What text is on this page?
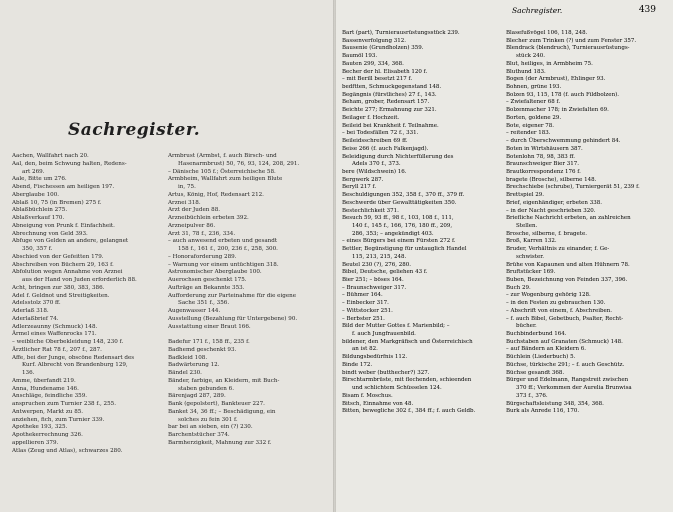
Sachregister.
Aachen, Wallfahrt nach 20.
Aal, den, beim Schwung halten, Redens-
art 269.
Aale, Bitte um 276.
Abend, Fischessen am heiligen 197.
Aberglaube 100.
Ablaß 10, 75 (in Bremen) 275 f.
Ablaßbüchlein 275.
Ablaßverkauf 170.
Abneigung von Prunk f. Einfachheit.
Abrechnung von Geld 393.
Abfuge von Gelden an andere, gelangnet
350, 357 f.
Abschied von der Gefeitten 179.
Abschreiben von Büchern 29, 163 f.
Abfolution wegen Annahme von Arznei
aus der Hand von Juden erforderlich 88.
Acht, bringen zur 380, 383, 386.
Adel f. Geldnot und Streitigkeiten.
Adelsstolz 370 ff.
Aderlaß 318.
Aderlaßbrief 74.
Adlerzeaunny (Schmuck) 148.
Ärmel eines Waffenrocks 171.
– weibliche Oberbekleidung 148, 230 f.
Ärztlicher Rat 78 f., 207 f., 287.
Affe, bei der Junge, obscöne Redensart des
Kurf. Albrecht von Brandenburg 129,
136.
Amme, überfandt 219.
Anna, Hundename 146.
Anschläge, feindliche 359.
anspruchen zum Turnier 238 f., 255.
Antwerpen, Markt zu 85.
anziehen, fich, zum Turnier 339.
Apotheke 193, 325.
Apothekerrechnung 326.
appellieren 379.
Atlas (Zeug und Atlas), schwarzes 280.
Armbrust (Armbst, f. auch Birsch- und
Hasenarmbrust) 50, 76, 93, 124, 208, 291.
– Dänische 105 f.; Österreichische 58.
Armbheim, Wallfahrt zum heiligen Blute
in, 75.
Artus, König, Hof, Redensart 212.
Arznei 318.
Arzt der Juden 88.
Arzneibüchlein erbeten 392.
Arzneipulver 86.
Arzt 31, 78 f., 236, 334.
– auch anwesend erbeten und gesandt
158 f., 161 f., 200, 236 f., 258, 300.
– Honoraforderung 289.
– Warnung vor einem untüchtigen 318.
Astronomischer Aberglaube 100.
Auerochsen geschenkt 175.
Aufträge an Bekannte 353.
Aufforderung zur Parteinahme für die eigene
Sache 351 f., 356.
Augenwasser 144.
Ausstellung (Bezahlung für Untergebene) 90.
Ausstattung einer Braut 166.

Badefur 171 f., 158 ff., 235 f.
Badhemd geschenkt 93.
Badkleid 108.
Badwärterung 12.
Bändel 230.
Bänder, farbige, an Kleidern, mit Buch-
staben gebunden 6.
Bärenjagd 287, 289.
Bank (gepolstert), Bankteuer 227.
Banket 34, 36 ff.; – Beschädigung, ein
solches zu fein 301 f.
bar bei an sieben, ein (?) 230.
Barchentstücher 374.
Barmherzigkeit, Mahnung zur 332 f.
Sachregister.	439
Bart (part), Turnierausrüstungsstück 239.
Bassenverfolgung 312.
Bausenie (Grundholzen) 359.
Baumöl 193.
Bauten 299, 334, 368.
Becher der hl. Elisabeth 120 f.
– mit Berill besetzt 217 f.
bedftten, Schmuckgegenstand 148.
Begängnis (fürstliches) 27 f., 143.
Beham, grober, Redensart 157.
Beichte 277; Ermahnung zur 321.
Beilager f. Hochzeit.
Beileid bei Krankheit f. Teilnahme.
– bei Todesfällen 72 f., 331.
Beileidsschreiben 69 ff.
Beise 266 (f. auch Falkenjagd).
Beleidigung durch Nichterfüllerung des
Adels 370 f., 373.
bere (Wildschwein) 16.
Bergwerk 287.
Beryll 217 f.
Beschuldigungen 352, 358 f., 370 ff., 379 ff.
Beschwerde über Gewalttätigkeiten 350.
Bestechlichkeit 371.
Besuch 59, 93 ff., 98 f., 103, 108 f., 111,
140 f., 145 f., 166, 176, 180 ff., 209,
286, 353; – angekündigt 403.
– eines Bürgers bei einem Fürsten 272 f.
Bettler, Begünstigung für untauglich Handel
115, 213, 215, 248.
Beutel 230 (?), 276, 280.
Bibel, Deutsche, geliehen 43 f.
Bier 251; – böses 164.
– Braunschweiger 317.
– Bühmer 164.
– Einbecker 317.
– Wittstocker 251.
– Berbster 251.
Bild der Mutter Gottes f. Marienbild; –
f. auch Jungfrauenbild.
bildener, den Markgräfisch und Österreichisch
an ist 82.
Bildungsbedürfnis 112.
Binde 172.
bindt weber (butthecher?) 327.
Birschtarmbrüste, mit flechenden, schieenden
und schlichtem Schüsselen 124.
Bisam f. Moschus.
Bitsch, Einnahme von 48.
Bitten, bewegliche 302 f., 384 ff.; f. auch Geldb.
Blasefußvögel 106, 118, 248.
Blecher zum Trinken (?) und zum Fenster 357.
Blendrack (blendruch), Turnierausrüstungs-
stück 240.
Blut, heiliges, in Armbheim 75.
Bluthund 183.
Bogen (der Armbrust), Ehlinger 93.
Bohnen, grüne 193.
Bolzen 93, 115, 178 (f. auch Fildbolzen).
– Zwiefaltener 68 f.
Bolzenmacher 178; in Zwiefalten 69.
Borten, goldene 29.
Bote, eigener 78.
– reitender 183.
– durch Überschwemmung gehindert 84.
Boten in Wirtshäusern 387.
Botenlohn 78, 98, 383 ff.
Braunschweiger Bier 317.
Brautkorrespondenz 176 f.
bragete (Brosche), silberne 148.
Brechschiebe (schrube), Turniergerät 51, 239 f.
Brettspiel 29.
Brief, eigenhändiger, erbeten 338.
– in der Nacht geschrieben 320.
Briefliche Nachricht erbeten, an zahlreichen
Stellen.
Brosche, silberne, f. bragete.
Broß, Karren 132.
Bruder, Verhältnis zu einander, f. Ge-
schwister.
Brühe von Kapaunen und alten Hühnern 78.
Bruftstücker 169.
Buben, Bezeichnung von Feinden 337, 396.
Buch 29.
– zur Wogenburg gehörig 128.
– in den Festen zu gebrauchen 130.
– Abschrift von einem, f. Abschreiben.
– f. auch Bibel, Gebetbuch, Psalter, Recht-
bücher.
Buchbinderbund 164.
Buchstaben auf Granaten (Schmuck) 148.
– auf Bändern an Kleidern 6.
Büchlein (Liederbuch) 5.
Büchse, türkische 291; – f. auch Geschütz.
Büchse gesandt 368.
Bürger und Edelmann, Rangstreit zwischen
370 ff.; Verkommen der Aurelia Brunwisa
373 f., 376.
Bürgschaftsleistung 348, 354, 368.
Burk als Anrede 116, 170.
